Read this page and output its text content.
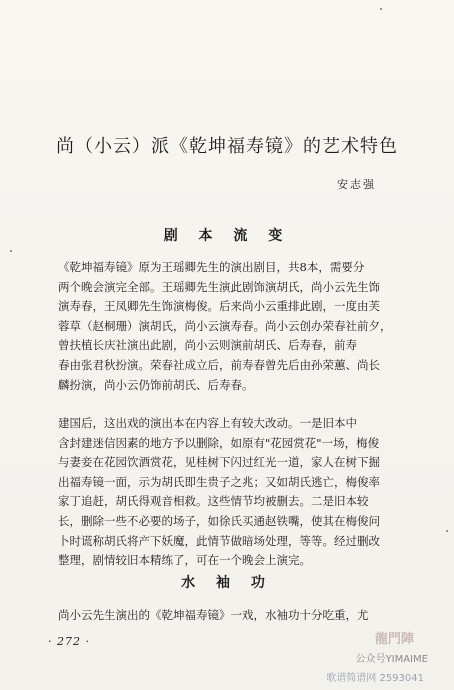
尚（小云）派《乾坤福寿镜》的艺术特色
安志强
剧 本 流 变
《乾坤福寿镜》原为王瑶卿先生的演出剧目，共8本，需要分
两个晚会演完全部。王瑶卿先生演此剧饰演胡氏，尚小云先生饰
演寿春，王凤卿先生饰演梅俊。后来尚小云重排此剧，一度由芙
蓉草（赵桐珊）演胡氏，尚小云演寿春。尚小云创办荣春社前夕，
曾扶植长庆社演出此剧，尚小云则演前胡氏、后寿春，前寿
春由张君秋扮演。荣春社成立后，前寿春曾先后由孙荣蕙、尚长
麟扮演，尚小云仍饰前胡氏、后寿春。
建国后，这出戏的演出本在内容上有较大改动。一是旧本中
含封建迷信因素的地方予以删除，如原有"花园赏花"一场，梅俊
与妻妾在花园饮酒赏花，见桂树下闪过红光一道，家人在树下掘
出福寿镜一面，示为胡氏即生贵子之兆；又如胡氏逃亡，梅俊率
家丁追赶，胡氏得观音相救。这些情节均被删去。二是旧本较
长，删除一些不必要的场子，如徐氏买通赵铁嘴，使其在梅俊问
卜时谎称胡氏将产下妖魔，此情节做暗场处理，等等。经过删改
整理，剧情较旧本精练了，可在一个晚会上演完。
水 袖 功
尚小云先生演出的《乾坤福寿镜》一戏，水袖功十分吃重，尤
· 272 ·	龍門陣
公众号YIMAIME
歌谱简谱网 2593041
